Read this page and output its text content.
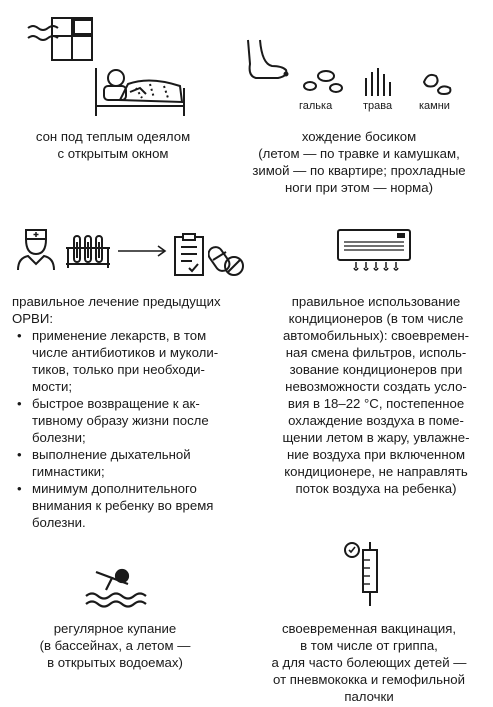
галька	трава камни
сон под теплым одеялом
с открытым окном
хождение босиком
(летом — по травке и камушкам,
зимой — по квартире; прохладные
ноги при этом — норма)
правильное лечение предыдущих
ОРВИ:
• применение лекарств, в том
числе антибиотиков и муколи-
тиков, только при необходи-
мости;
• быстрое возвращение к ак-
тивному образу жизни после
болезни;
• выполнение дыхательной
гимнастики;
• минимум дополнительного
внимания к ребенку во время
болезни.
правильное использование
кондиционеров (в том числе
автомобильных): своевремен-
ная смена фильтров, исполь-
зование кондиционеров при
невозможности создать усло-
вия в 18–22 °С, постепенное
охлаждение воздуха в поме-
щении летом в жару, увлажне-
ние воздуха при включенном
кондиционере, не направлять
поток воздуха на ребенка)
регулярное купание
(в бассейнах, а летом —
в открытых водоемах)
своевременная вакцинация,
в том числе от гриппа,
а для часто болеющих детей —
от пневмококка и гемофильной
палочки
